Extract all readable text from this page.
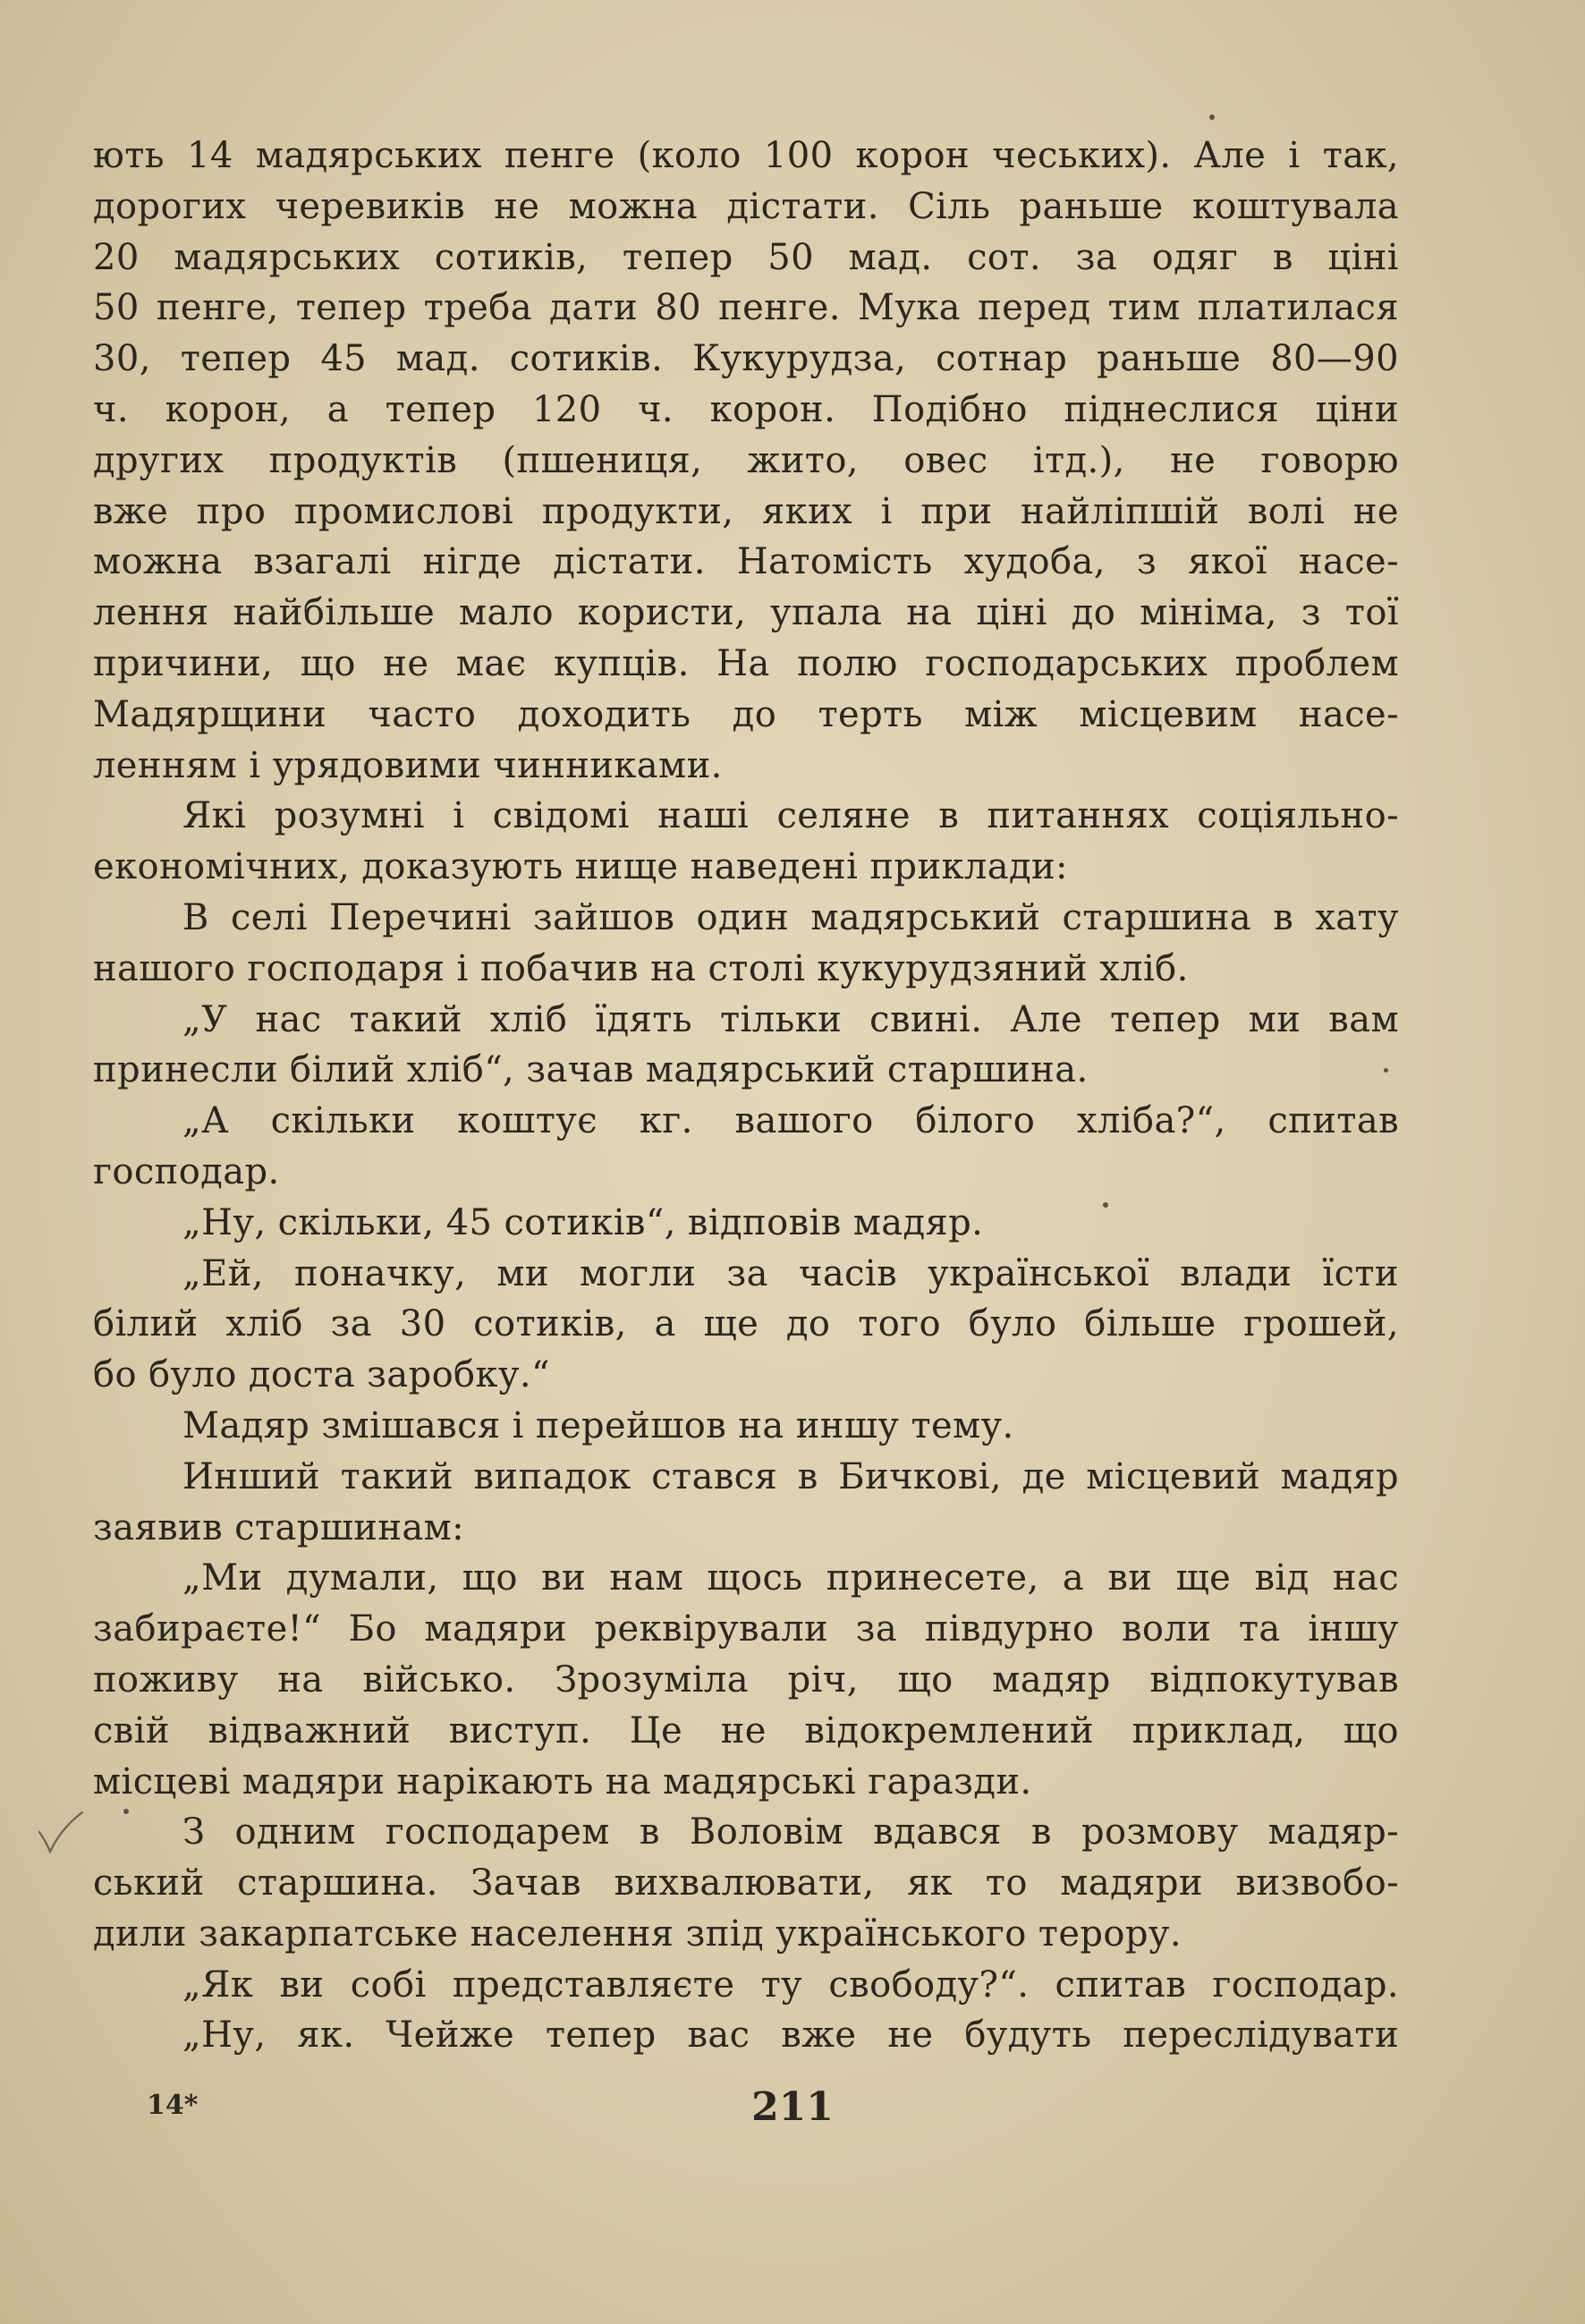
ють 14 мадярських пенге (коло 100 корон чеських). Але і так,
дорогих черевиків не можна дістати. Сіль раньше коштувала
20 мадярських сотиків, тепер 50 мад. сот. за одяг в ціні
50 пенге, тепер треба дати 80 пенге. Мука перед тим платилася
30, тепер 45 мад. сотиків. Кукурудза, сотнар раньше 80—90
ч. корон, а тепер 120 ч. корон. Подібно піднеслися ціни
других продуктів (пшениця, жито, овес ітд.), не говорю
вже про промислові продукти, яких і при найліпшій волі не
можна взагалі нігде дістати. Натомість худоба, з якої насе-
лення найбільше мало користи, упала на ціні до мініма, з тої
причини, що не має купців. На полю господарських проблем
Мадярщини часто доходить до терть між місцевим насе-
ленням і урядовими чинниками.
Які розумні і свідомі наші селяне в питаннях соціяльно-
економічних, доказують нище наведені приклади:
В селі Перечині зайшов один мадярський старшина в хату
нашого господаря і побачив на столі кукурудзяний хліб.
„У нас такий хліб їдять тільки свині. Але тепер ми вам
принесли білий хліб“, зачав мадярський старшина.
„А скільки коштує кг. вашого білого хліба?“, спитав
господар.
„Ну, скільки, 45 сотиків“, відповів мадяр.
„Ей, поначку, ми могли за часів української влади їсти
білий хліб за 30 сотиків, а ще до того було більше грошей,
бо було доста заробку.“
Мадяр змішався і перейшов на иншу тему.
Инший такий випадок стався в Бичкові, де місцевий мадяр
заявив старшинам:
„Ми думали, що ви нам щось принесете, а ви ще від нас
забираєте!“ Бо мадяри реквірували за півдурно воли та іншу
поживу на військо. Зрозуміла річ, що мадяр відпокутував
свій відважний виступ. Це не відокремлений приклад, що
місцеві мадяри нарікають на мадярські гаразди.
З одним господарем в Воловім вдався в розмову мадяр-
ський старшина. Зачав вихвалювати, як то мадяри визвобо-
дили закарпатське населення зпід українського терору.
„Як ви собі представляєте ту свободу?“. спитав господар.
„Ну, як. Чейже тепер вас вже не будуть переслідувати
14*	211
